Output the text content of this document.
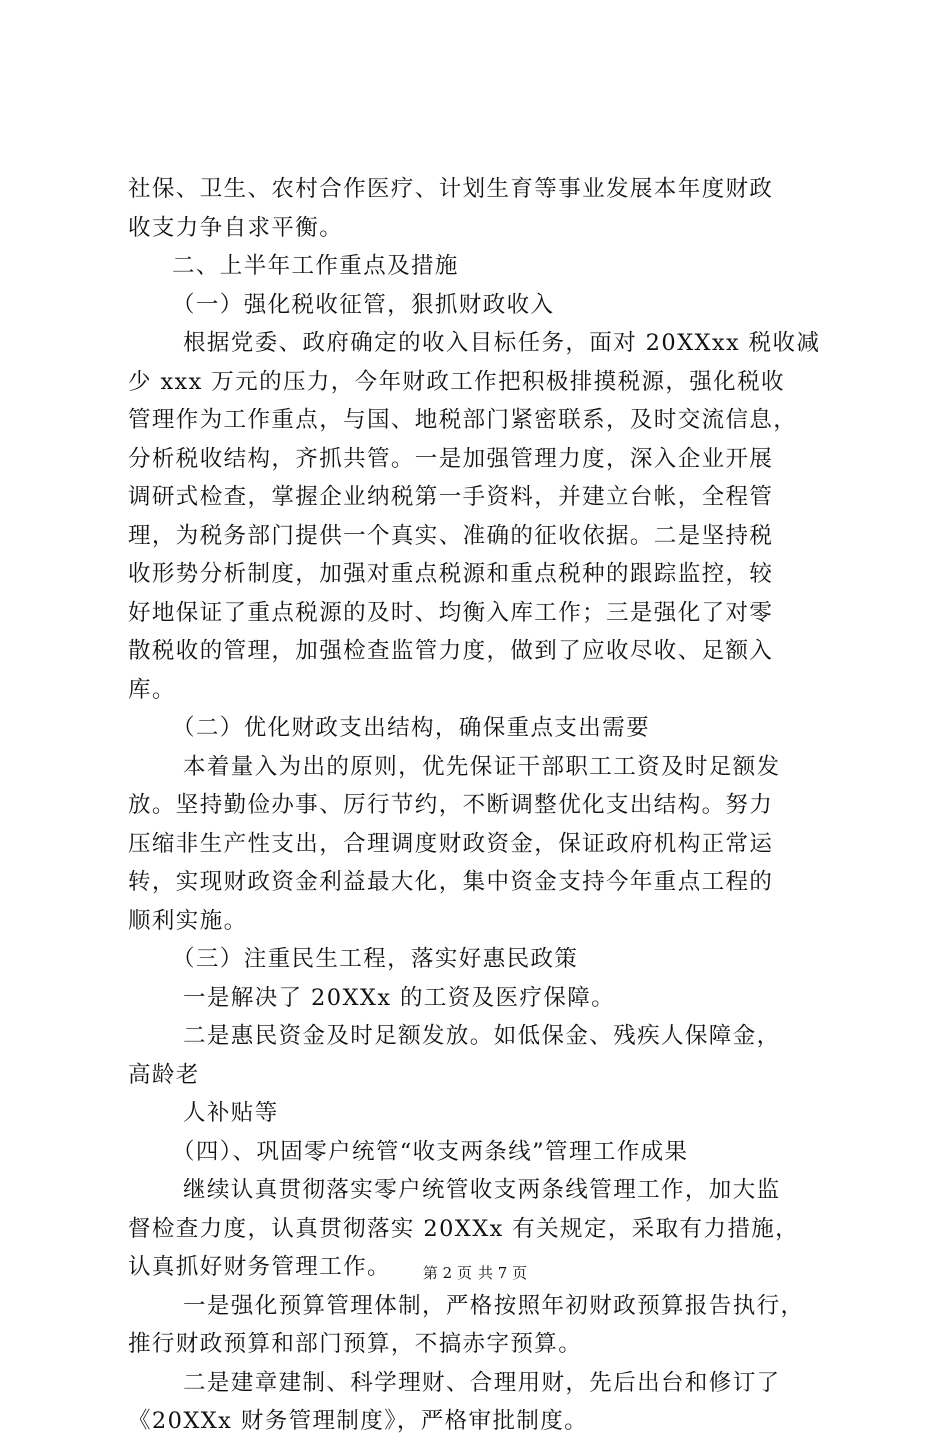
社保、卫生、农村合作医疗、计划生育等事业发展本年度财政
收支力争自求平衡。
二、上半年工作重点及措施
（一）强化税收征管，狠抓财政收入
根据党委、政府确定的收入目标任务，面对 20XXxx 税收减
少 xxx 万元的压力，今年财政工作把积极排摸税源，强化税收
管理作为工作重点，与国、地税部门紧密联系，及时交流信息，
分析税收结构，齐抓共管。一是加强管理力度，深入企业开展
调研式检查，掌握企业纳税第一手资料，并建立台帐，全程管
理，为税务部门提供一个真实、准确的征收依据。二是坚持税
收形势分析制度，加强对重点税源和重点税种的跟踪监控，较
好地保证了重点税源的及时、均衡入库工作；三是强化了对零
散税收的管理，加强检查监管力度，做到了应收尽收、足额入
库。
（二）优化财政支出结构，确保重点支出需要
本着量入为出的原则，优先保证干部职工工资及时足额发
放。坚持勤俭办事、厉行节约，不断调整优化支出结构。努力
压缩非生产性支出，合理调度财政资金，保证政府机构正常运
转，实现财政资金利益最大化，集中资金支持今年重点工程的
顺利实施。
（三）注重民生工程，落实好惠民政策
一是解决了 20XXx 的工资及医疗保障。
二是惠民资金及时足额发放。如低保金、残疾人保障金，
高龄老
人补贴等
（四）、巩固零户统管“收支两条线”管理工作成果
继续认真贯彻落实零户统管收支两条线管理工作，加大监
督检查力度，认真贯彻落实 20XXx 有关规定，采取有力措施，
认真抓好财务管理工作。
一是强化预算管理体制，严格按照年初财政预算报告执行，
推行财政预算和部门预算，不搞赤字预算。
二是建章建制、科学理财、合理用财，先后出台和修订了
《20XXx 财务管理制度》，严格审批制度。
第 2 页 共 7 页
